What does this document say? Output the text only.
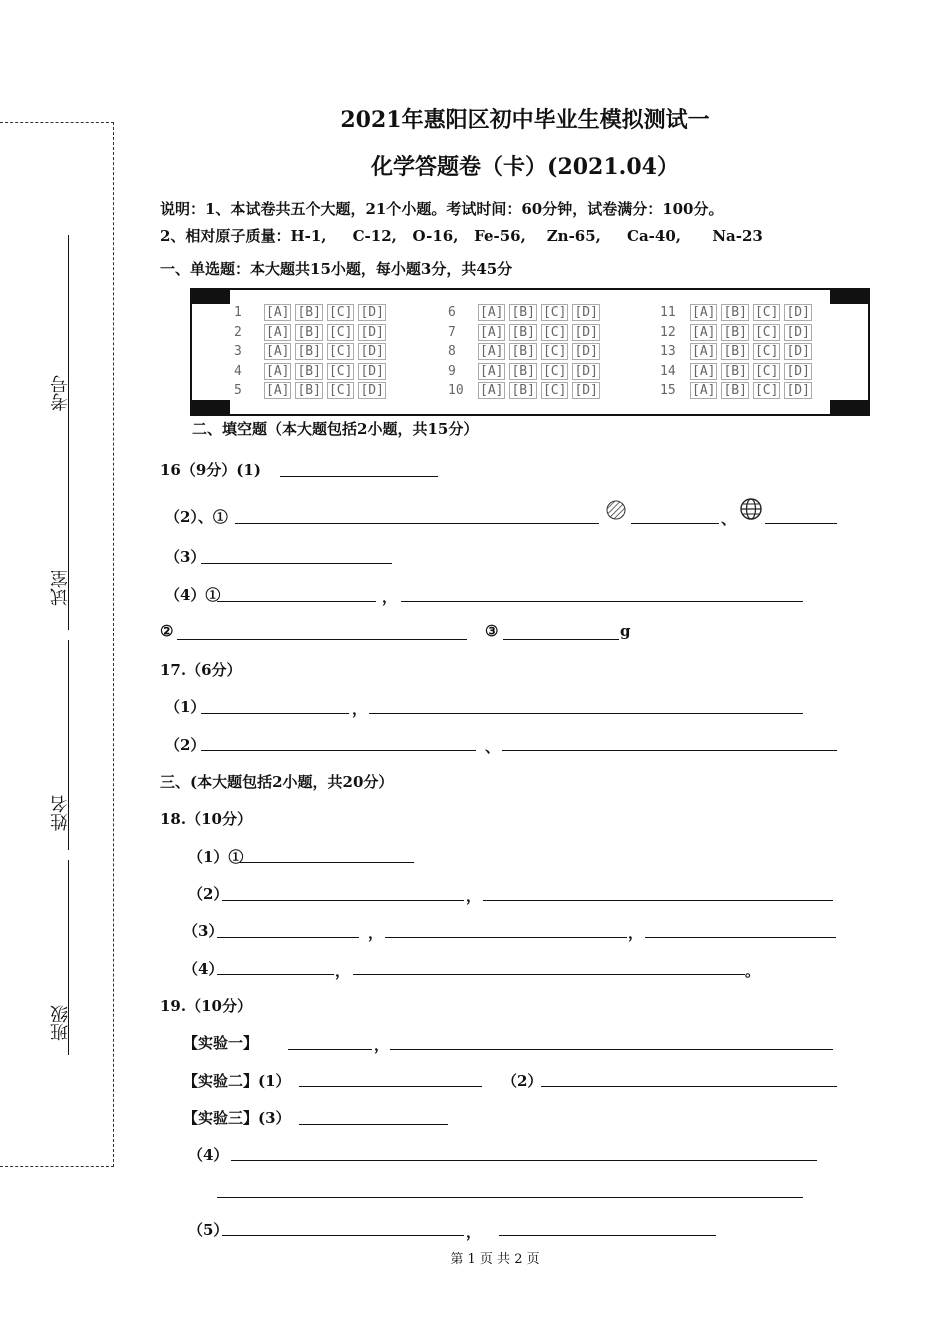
考号
试室
姓名
班级
2021年惠阳区初中毕业生模拟测试一
化学答题卷（卡）(2021.04）
说明：1、本试卷共五个大题，21个小题。考试时间：60分钟，试卷满分：100分。
2、相对原子质量：H-1,     C-12,   O-16,   Fe-56,    Zn-65,     Ca-40,      Na-23
一、单选题：本大题共15小题，每小题3分，共45分
1 [A] [B] [C] [D]
2 [A] [B] [C] [D]
3 [A] [B] [C] [D]
4 [A] [B] [C] [D]
5 [A] [B] [C] [D]
6 [A] [B] [C] [D]
7 [A] [B] [C] [D]
8 [A] [B] [C] [D]
9 [A] [B] [C] [D]
10 [A] [B] [C] [D]
11 [A] [B] [C] [D]
12 [A] [B] [C] [D]
13 [A] [B] [C] [D]
14 [A] [B] [C] [D]
15 [A] [B] [C] [D]
二、填空题（本大题包括2小题，共15分）
16（9分）(1)
（2）、①	、
（3）
（4）①	，
②	③	g
17.（6分）
（1）	，
（2）	、
三、(本大题包括2小题，共20分）
18.（10分）
（1）①
（2）	，
（3）	，	，
（4）	，	。
19.（10分）
【实验一】	，
【实验二】(1）	（2）
【实验三】(3）
（4）
（5）	，
第 1 页 共 2 页
